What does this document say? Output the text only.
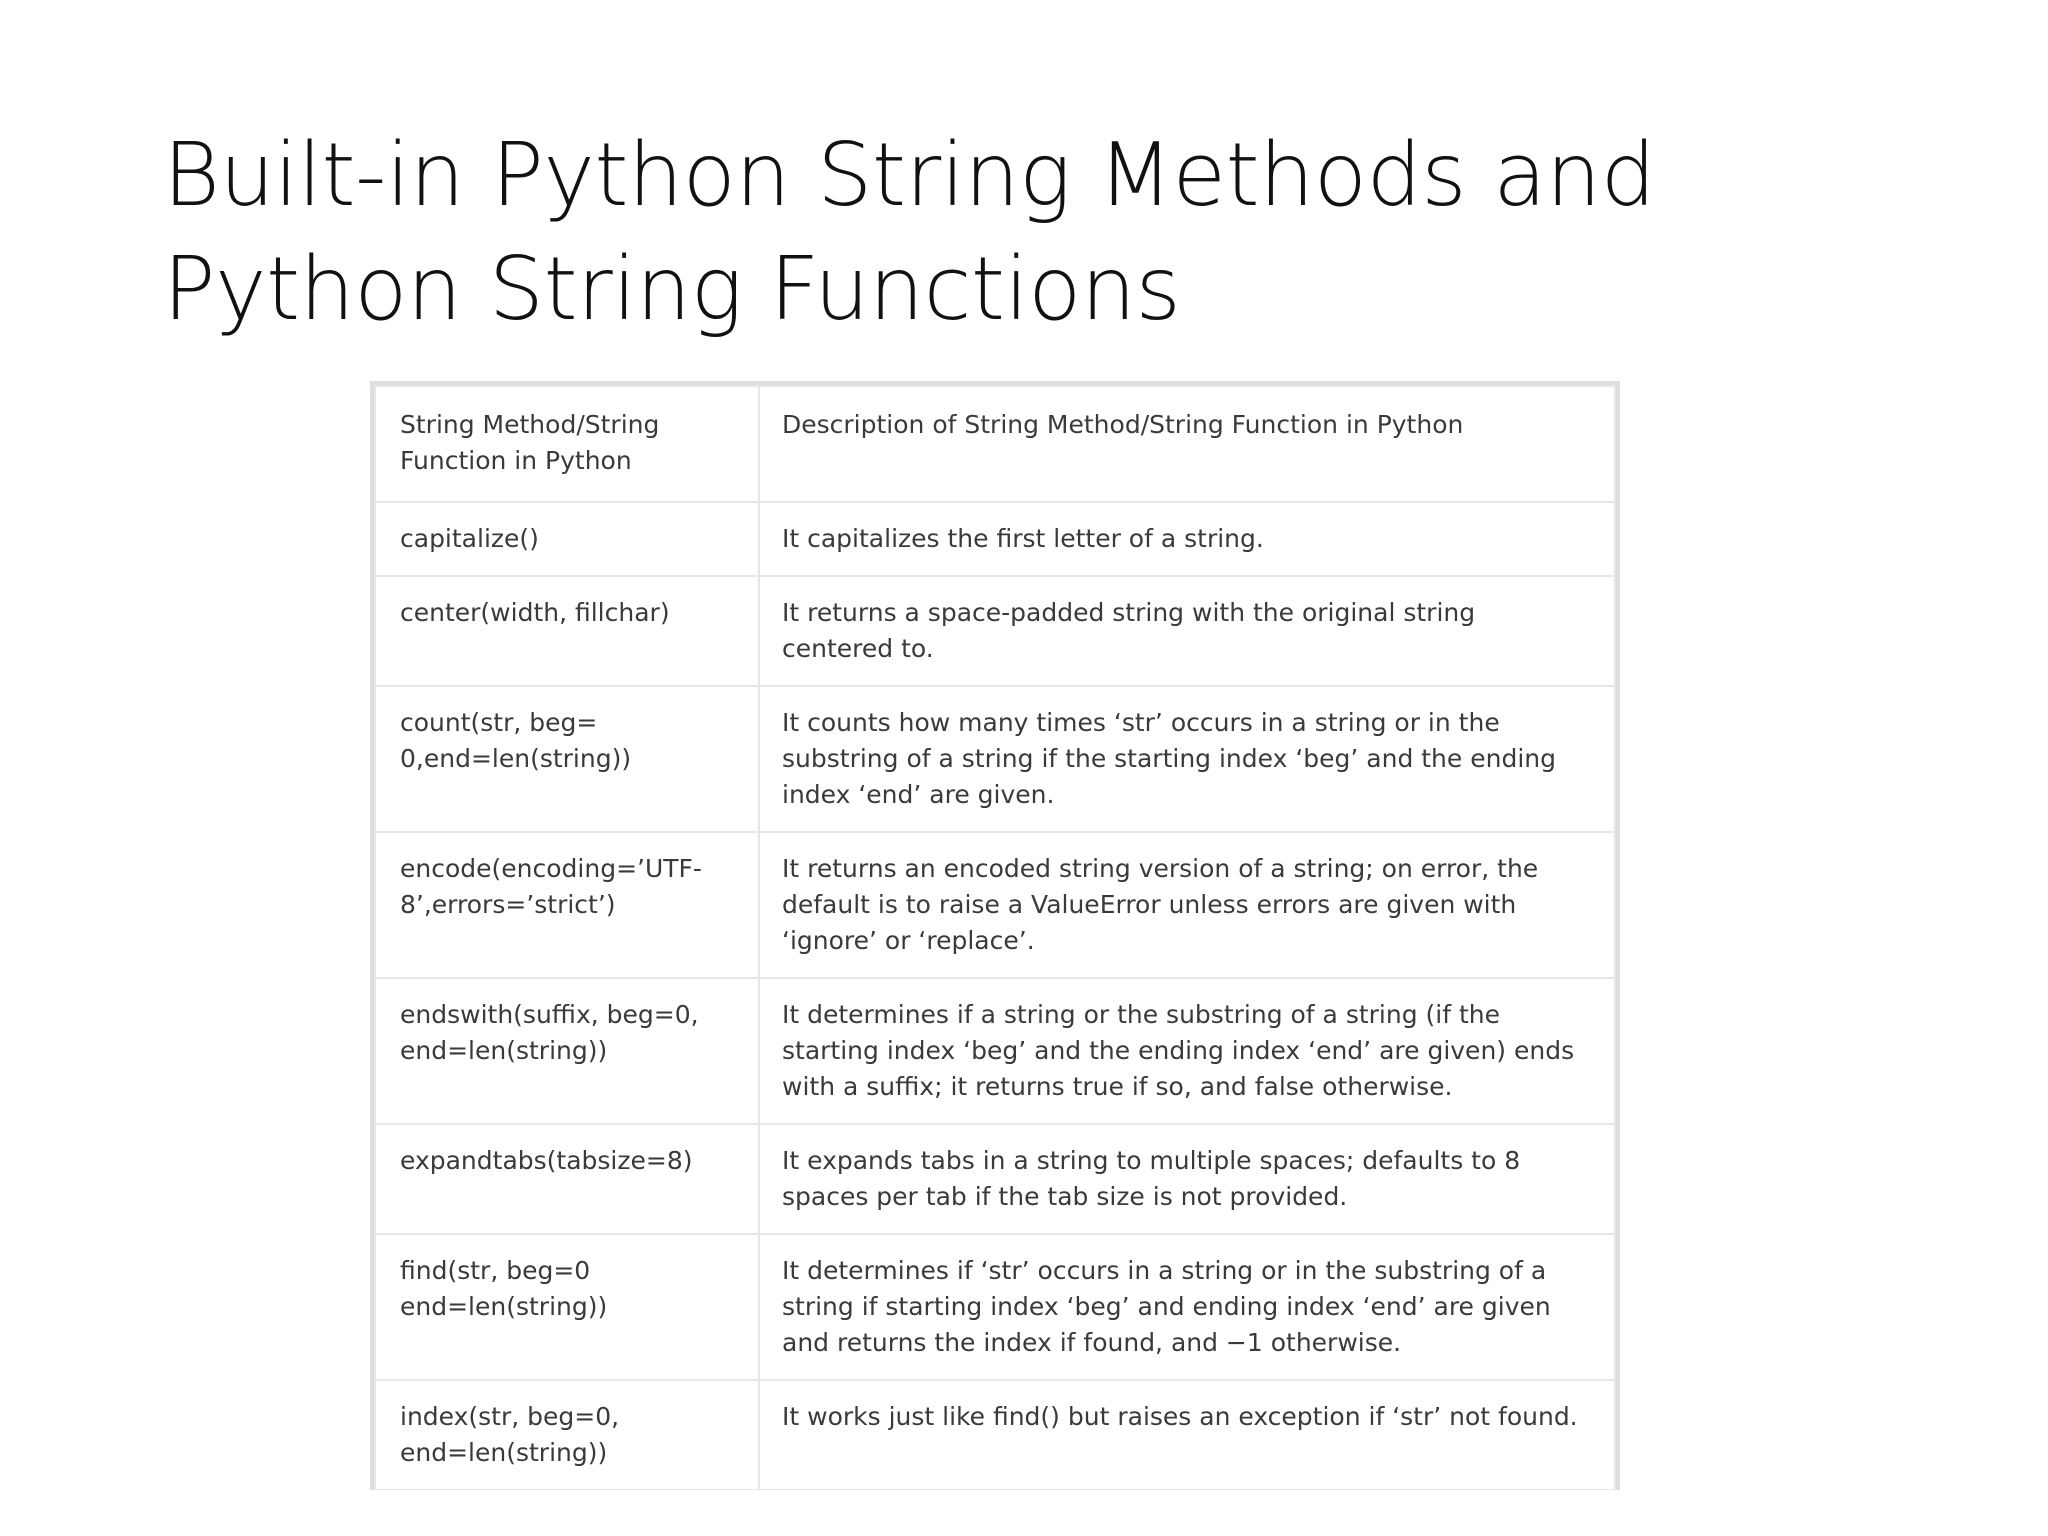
Built-in Python String Methods and
Python String Functions
String Method/String Function in Python	Description of String Method/String Function in Python
capitalize()	It capitalizes the first letter of a string.
center(width, fillchar)	It returns a space-padded string with the original string centered to.
count(str, beg= 0,end=len(string))	It counts how many times ‘str’ occurs in a string or in the substring of a string if the starting index ‘beg’ and the ending index ‘end’ are given.
encode(encoding=’UTF-8’,errors=’strict’)	It returns an encoded string version of a string; on error, the default is to raise a ValueError unless errors are given with ‘ignore’ or ‘replace’.
endswith(suffix, beg=0, end=len(string))	It determines if a string or the substring of a string (if the starting index ‘beg’ and the ending index ‘end’ are given) ends with a suffix; it returns true if so, and false otherwise.
expandtabs(tabsize=8)	It expands tabs in a string to multiple spaces; defaults to 8 spaces per tab if the tab size is not provided.
find(str, beg=0 end=len(string))	It determines if ‘str’ occurs in a string or in the substring of a string if starting index ‘beg’ and ending index ‘end’ are given and returns the index if found, and −1 otherwise.
index(str, beg=0, end=len(string))	It works just like find() but raises an exception if ‘str’ not found.
